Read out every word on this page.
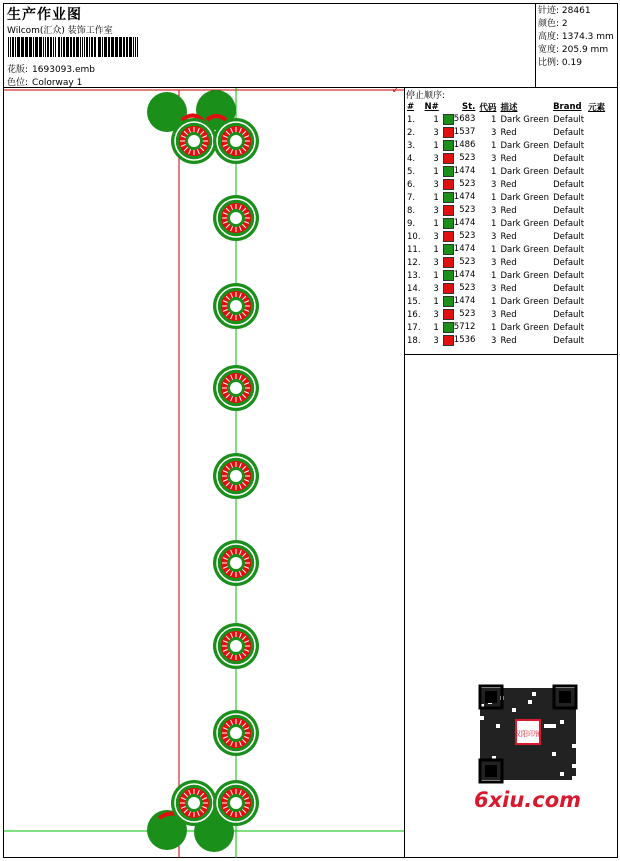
生产作业图
Wilcom(汇众) 装饰工作室
花版: 1693093.emb
色位: Colorway 1
针迹: 28461
颜色: 2
高度: 1374.3 mm
宽度: 205.9 mm
比例: 0.19
停止顺序:
#	N#	St.	代码	描述	Brand	元素
1.	1	5683	1	Dark Green	Default	
2.	3	1537	3	Red	Default	
3.	1	1486	1	Dark Green	Default	
4.	3	523	3	Red	Default	
5.	1	1474	1	Dark Green	Default	
6.	3	523	3	Red	Default	
7.	1	1474	1	Dark Green	Default	
8.	3	523	3	Red	Default	
9.	1	1474	1	Dark Green	Default	
10.	3	523	3	Red	Default	
11.	1	1474	1	Dark Green	Default	
12.	3	523	3	Red	Default	
13.	1	1474	1	Dark Green	Default	
14.	3	523	3	Red	Default	
15.	1	1474	1	Dark Green	Default	
16.	3	523	3	Red	Default	
17.	1	5712	1	Dark Green	Default	
18.	3	1536	3	Red	Default	
↙
汉阳印铺
6xiu.com
